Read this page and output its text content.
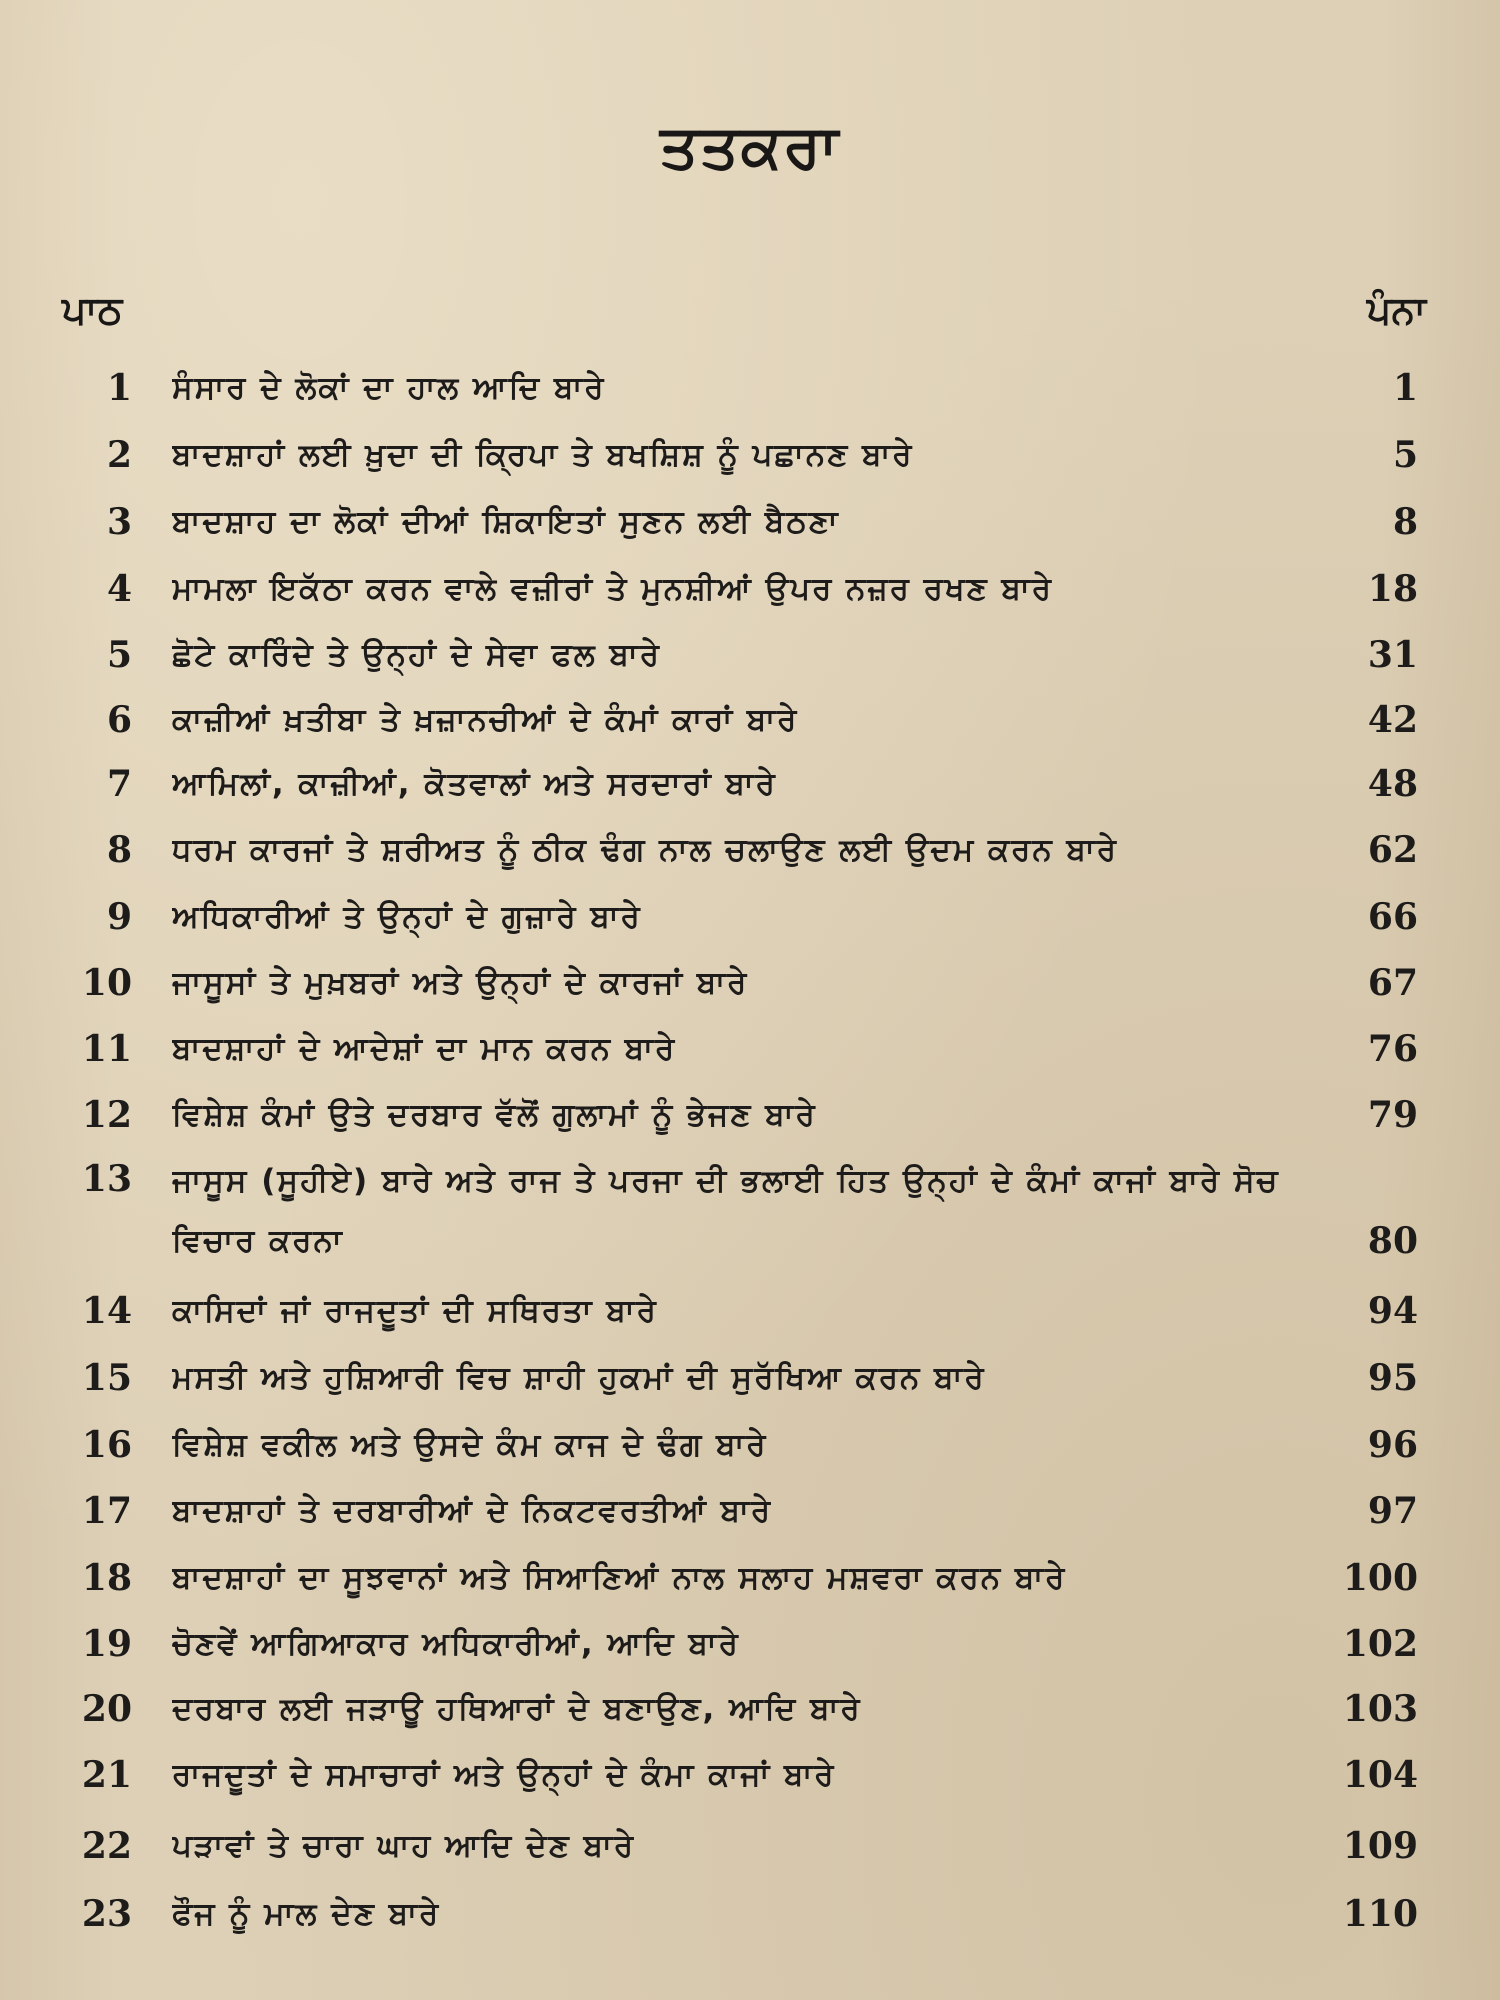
ਤਤਕਰਾ
ਪਾਠ	ਪੰਨਾ
1 ਸੰਸਾਰ ਦੇ ਲੋਕਾਂ ਦਾ ਹਾਲ ਆਦਿ ਬਾਰੇ	1
2 ਬਾਦਸ਼ਾਹਾਂ ਲਈ ਖ਼ੁਦਾ ਦੀ ਕ੍ਰਿਪਾ ਤੇ ਬਖਸ਼ਿਸ਼ ਨੂੰ ਪਛਾਨਣ ਬਾਰੇ	5
3 ਬਾਦਸ਼ਾਹ ਦਾ ਲੋਕਾਂ ਦੀਆਂ ਸ਼ਿਕਾਇਤਾਂ ਸੁਣਨ ਲਈ ਬੈਠਣਾ	8
4 ਮਾਮਲਾ ਇਕੱਠਾ ਕਰਨ ਵਾਲੇ ਵਜ਼ੀਰਾਂ ਤੇ ਮੁਨਸ਼ੀਆਂ ਉਪਰ ਨਜ਼ਰ ਰਖਣ ਬਾਰੇ	18
5 ਛੋਟੇ ਕਾਰਿੰਦੇ ਤੇ ਉਨ੍ਹਾਂ ਦੇ ਸੇਵਾ ਫਲ ਬਾਰੇ	31
6 ਕਾਜ਼ੀਆਂ ਖ਼ਤੀਬਾ ਤੇ ਖ਼ਜ਼ਾਨਚੀਆਂ ਦੇ ਕੰਮਾਂ ਕਾਰਾਂ ਬਾਰੇ	42
7 ਆਮਿਲਾਂ, ਕਾਜ਼ੀਆਂ, ਕੋਤਵਾਲਾਂ ਅਤੇ ਸਰਦਾਰਾਂ ਬਾਰੇ	48
8 ਧਰਮ ਕਾਰਜਾਂ ਤੇ ਸ਼ਰੀਅਤ ਨੂੰ ਠੀਕ ਢੰਗ ਨਾਲ ਚਲਾਉਣ ਲਈ ਉਦਮ ਕਰਨ ਬਾਰੇ	62
9 ਅਧਿਕਾਰੀਆਂ ਤੇ ਉਨ੍ਹਾਂ ਦੇ ਗੁਜ਼ਾਰੇ ਬਾਰੇ	66
10 ਜਾਸੂਸਾਂ ਤੇ ਮੁਖ਼ਬਰਾਂ ਅਤੇ ਉਨ੍ਹਾਂ ਦੇ ਕਾਰਜਾਂ ਬਾਰੇ	67
11 ਬਾਦਸ਼ਾਹਾਂ ਦੇ ਆਦੇਸ਼ਾਂ ਦਾ ਮਾਨ ਕਰਨ ਬਾਰੇ	76
12 ਵਿਸ਼ੇਸ਼ ਕੰਮਾਂ ਉਤੇ ਦਰਬਾਰ ਵੱਲੋਂ ਗੁਲਾਮਾਂ ਨੂੰ ਭੇਜਣ ਬਾਰੇ	79
13 ਜਾਸੂਸ (ਸੂਹੀਏ) ਬਾਰੇ ਅਤੇ ਰਾਜ ਤੇ ਪਰਜਾ ਦੀ ਭਲਾਈ ਹਿਤ ਉਨ੍ਹਾਂ ਦੇ ਕੰਮਾਂ ਕਾਜਾਂ ਬਾਰੇ ਸੋਚ ਵਿਚਾਰ ਕਰਨਾ	80
14 ਕਾਸਿਦਾਂ ਜਾਂ ਰਾਜਦੂਤਾਂ ਦੀ ਸਥਿਰਤਾ ਬਾਰੇ	94
15 ਮਸਤੀ ਅਤੇ ਹੁਸ਼ਿਆਰੀ ਵਿਚ ਸ਼ਾਹੀ ਹੁਕਮਾਂ ਦੀ ਸੁਰੱਖਿਆ ਕਰਨ ਬਾਰੇ	95
16 ਵਿਸ਼ੇਸ਼ ਵਕੀਲ ਅਤੇ ਉਸਦੇ ਕੰਮ ਕਾਜ ਦੇ ਢੰਗ ਬਾਰੇ	96
17 ਬਾਦਸ਼ਾਹਾਂ ਤੇ ਦਰਬਾਰੀਆਂ ਦੇ ਨਿਕਟਵਰਤੀਆਂ ਬਾਰੇ	97
18 ਬਾਦਸ਼ਾਹਾਂ ਦਾ ਸੂਝਵਾਨਾਂ ਅਤੇ ਸਿਆਣਿਆਂ ਨਾਲ ਸਲਾਹ ਮਸ਼ਵਰਾ ਕਰਨ ਬਾਰੇ	100
19 ਚੋਣਵੇਂ ਆਗਿਆਕਾਰ ਅਧਿਕਾਰੀਆਂ, ਆਦਿ ਬਾਰੇ	102
20 ਦਰਬਾਰ ਲਈ ਜੜਾਊ ਹਥਿਆਰਾਂ ਦੇ ਬਣਾਉਣ, ਆਦਿ ਬਾਰੇ	103
21 ਰਾਜਦੂਤਾਂ ਦੇ ਸਮਾਚਾਰਾਂ ਅਤੇ ਉਨ੍ਹਾਂ ਦੇ ਕੰਮਾ ਕਾਜਾਂ ਬਾਰੇ	104
22 ਪੜਾਵਾਂ ਤੇ ਚਾਰਾ ਘਾਹ ਆਦਿ ਦੇਣ ਬਾਰੇ	109
23 ਫੌਜ ਨੂੰ ਮਾਲ ਦੇਣ ਬਾਰੇ	110
